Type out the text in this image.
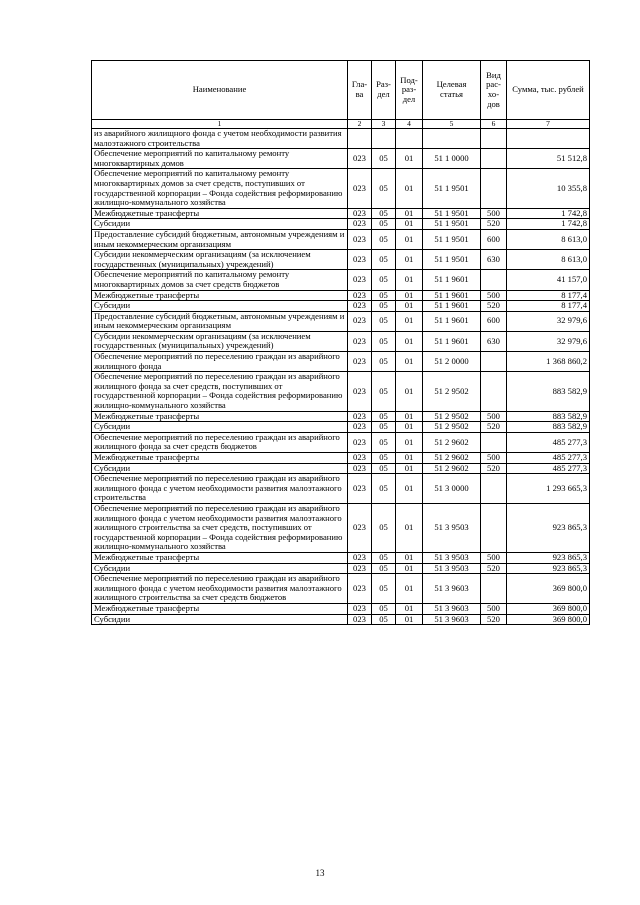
Наименование	Гла-ва	Раз-дел	Под-раз-дел	Целевая статья	Вид рас-хо-дов	Сумма, тыс. рублей
1	2	3	4	5	6	7
из аварийного жилищного фонда с учетом необходимости развития малоэтажного строительства						
Обеспечение мероприятий по капитальному ремонту многоквартирных домов	023	05	01	51 1 0000		51 512,8
Обеспечение мероприятий по капитальному ремонту многоквартирных домов за счет средств, поступивших от государственной корпорации – Фонда содействия реформированию жилищно-коммунального хозяйства	023	05	01	51 1 9501		10 355,8
Межбюджетные трансферты	023	05	01	51 1 9501	500	1 742,8
Субсидии	023	05	01	51 1 9501	520	1 742,8
Предоставление субсидий бюджетным, автономным учреждениям и иным некоммерческим организациям	023	05	01	51 1 9501	600	8 613,0
Субсидии некоммерческим организациям (за исключением государственных (муниципальных) учреждений)	023	05	01	51 1 9501	630	8 613,0
Обеспечение мероприятий по капитальному ремонту многоквартирных домов за счет средств бюджетов	023	05	01	51 1 9601		41 157,0
Межбюджетные трансферты	023	05	01	51 1 9601	500	8 177,4
Субсидии	023	05	01	51 1 9601	520	8 177,4
Предоставление субсидий бюджетным, автономным учреждениям и иным некоммерческим организациям	023	05	01	51 1 9601	600	32 979,6
Субсидии некоммерческим организациям (за исключением государственных (муниципальных) учреждений)	023	05	01	51 1 9601	630	32 979,6
Обеспечение мероприятий по переселению граждан из аварийного жилищного фонда	023	05	01	51 2 0000		1 368 860,2
Обеспечение мероприятий по переселению граждан из аварийного жилищного фонда за счет средств, поступивших от государственной корпорации – Фонда содействия реформированию жилищно-коммунального хозяйства	023	05	01	51 2 9502		883 582,9
Межбюджетные трансферты	023	05	01	51 2 9502	500	883 582,9
Субсидии	023	05	01	51 2 9502	520	883 582,9
Обеспечение мероприятий по переселению граждан из аварийного жилищного фонда за счет средств бюджетов	023	05	01	51 2 9602		485 277,3
Межбюджетные трансферты	023	05	01	51 2 9602	500	485 277,3
Субсидии	023	05	01	51 2 9602	520	485 277,3
Обеспечение мероприятий по переселению граждан из аварийного жилищного фонда с учетом необходимости развития малоэтажного строительства	023	05	01	51 3 0000		1 293 665,3
Обеспечение мероприятий по переселению граждан из аварийного жилищного фонда с учетом необходимости развития малоэтажного жилищного строительства за счет средств, поступивших от государственной корпорации – Фонда содействия реформированию жилищно-коммунального хозяйства	023	05	01	51 3 9503		923 865,3
Межбюджетные трансферты	023	05	01	51 3 9503	500	923 865,3
Субсидии	023	05	01	51 3 9503	520	923 865,3
Обеспечение мероприятий по переселению граждан из аварийного жилищного фонда с учетом необходимости развития малоэтажного жилищного строительства за счет средств бюджетов	023	05	01	51 3 9603		369 800,0
Межбюджетные трансферты	023	05	01	51 3 9603	500	369 800,0
Субсидии	023	05	01	51 3 9603	520	369 800,0
13
